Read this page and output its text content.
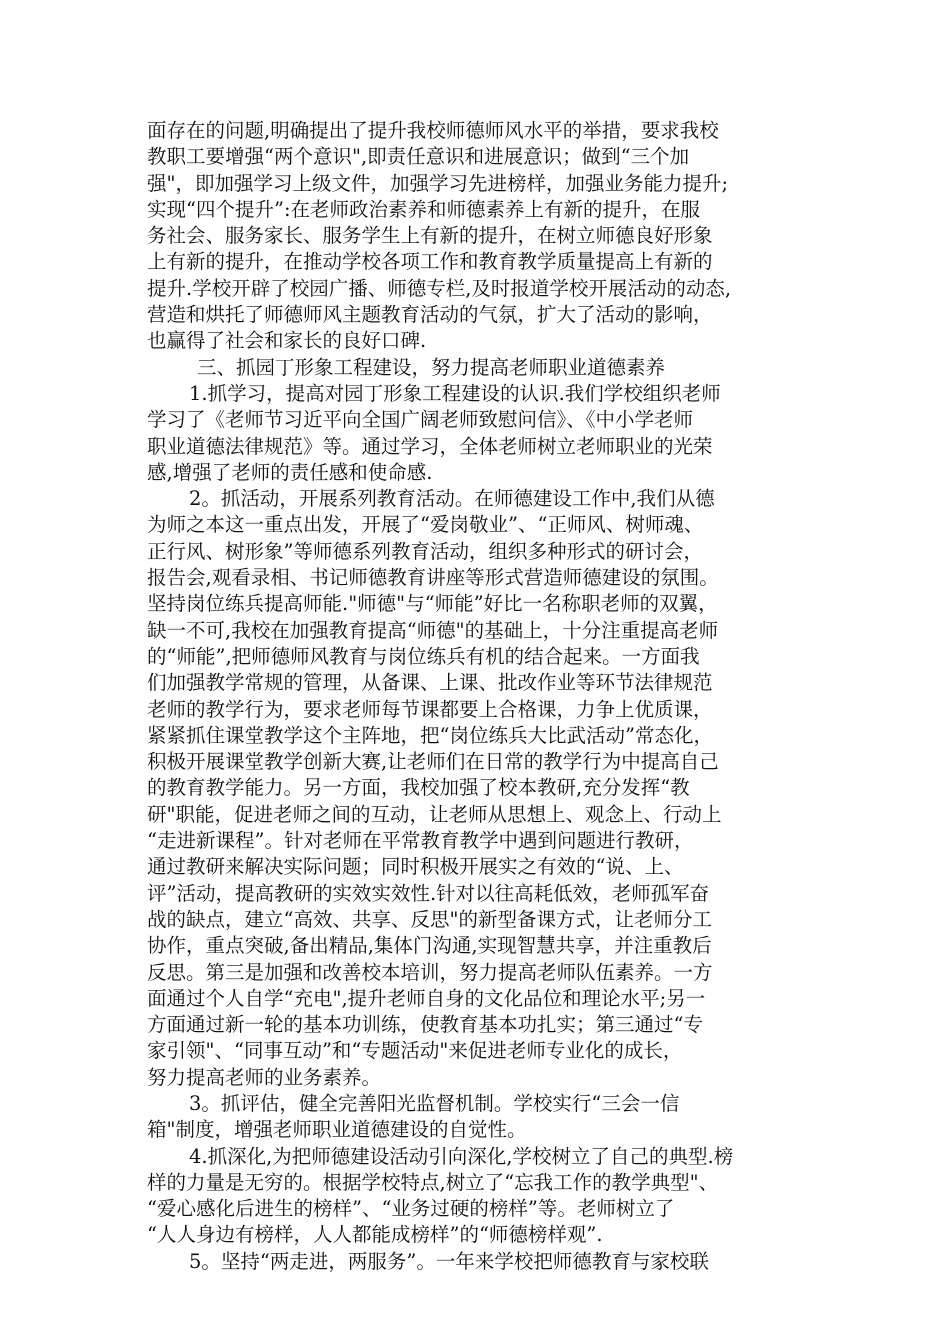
面存在的问题,明确提出了提升我校师德师风水平的举措，要求我校
教职工要增强“两个意识",即责任意识和进展意识；做到“三个加
强"，即加强学习上级文件，加强学习先进榜样，加强业务能力提升;
实现“四个提升”:在老师政治素养和师德素养上有新的提升，在服
务社会、服务家长、服务学生上有新的提升，在树立师德良好形象
上有新的提升，在推动学校各项工作和教育教学质量提高上有新的
提升.学校开辟了校园广播、师德专栏,及时报道学校开展活动的动态,
营造和烘托了师德师风主题教育活动的气氛，扩大了活动的影响，
也赢得了社会和家长的良好口碑.
三、抓园丁形象工程建设，努力提高老师职业道德素养
1.抓学习，提高对园丁形象工程建设的认识.我们学校组织老师
学习了《老师节习近平向全国广阔老师致慰问信》、《中小学老师
职业道德法律规范》等。通过学习，全体老师树立老师职业的光荣
感,增强了老师的责任感和使命感.
2。抓活动，开展系列教育活动。在师德建设工作中,我们从德
为师之本这一重点出发，开展了“爱岗敬业”、“正师风、树师魂、
正行风、树形象”等师德系列教育活动，组织多种形式的研讨会，
报告会,观看录相、书记师德教育讲座等形式营造师德建设的氛围。
坚持岗位练兵提高师能."师德"与“师能”好比一名称职老师的双翼，
缺一不可,我校在加强教育提高“师德"的基础上，十分注重提高老师
的“师能”,把师德师风教育与岗位练兵有机的结合起来。一方面我
们加强教学常规的管理，从备课、上课、批改作业等环节法律规范
老师的教学行为，要求老师每节课都要上合格课，力争上优质课，
紧紧抓住课堂教学这个主阵地，把“岗位练兵大比武活动”常态化，
积极开展课堂教学创新大赛,让老师们在日常的教学行为中提高自己
的教育教学能力。另一方面，我校加强了校本教研,充分发挥“教
研"职能，促进老师之间的互动，让老师从思想上、观念上、行动上
“走进新课程”。针对老师在平常教育教学中遇到问题进行教研，
通过教研来解决实际问题；同时积极开展实之有效的“说、上、
评”活动，提高教研的实效实效性.针对以往高耗低效，老师孤军奋
战的缺点，建立“高效、共享、反思"的新型备课方式，让老师分工
协作，重点突破,备出精品,集体门沟通,实现智慧共享，并注重教后
反思。第三是加强和改善校本培训，努力提高老师队伍素养。一方
面通过个人自学“充电",提升老师自身的文化品位和理论水平;另一
方面通过新一轮的基本功训练，使教育基本功扎实；第三通过“专
家引领"、“同事互动”和“专题活动"来促进老师专业化的成长，
努力提高老师的业务素养。
3。抓评估，健全完善阳光监督机制。学校实行“三会一信
箱"制度，增强老师职业道德建设的自觉性。
4.抓深化,为把师德建设活动引向深化,学校树立了自己的典型.榜
样的力量是无穷的。根据学校特点,树立了“忘我工作的教学典型"、
“爱心感化后进生的榜样”、“业务过硬的榜样”等。老师树立了
“人人身边有榜样，人人都能成榜样”的“师德榜样观”.
5。坚持“两走进，两服务”。一年来学校把师德教育与家校联
